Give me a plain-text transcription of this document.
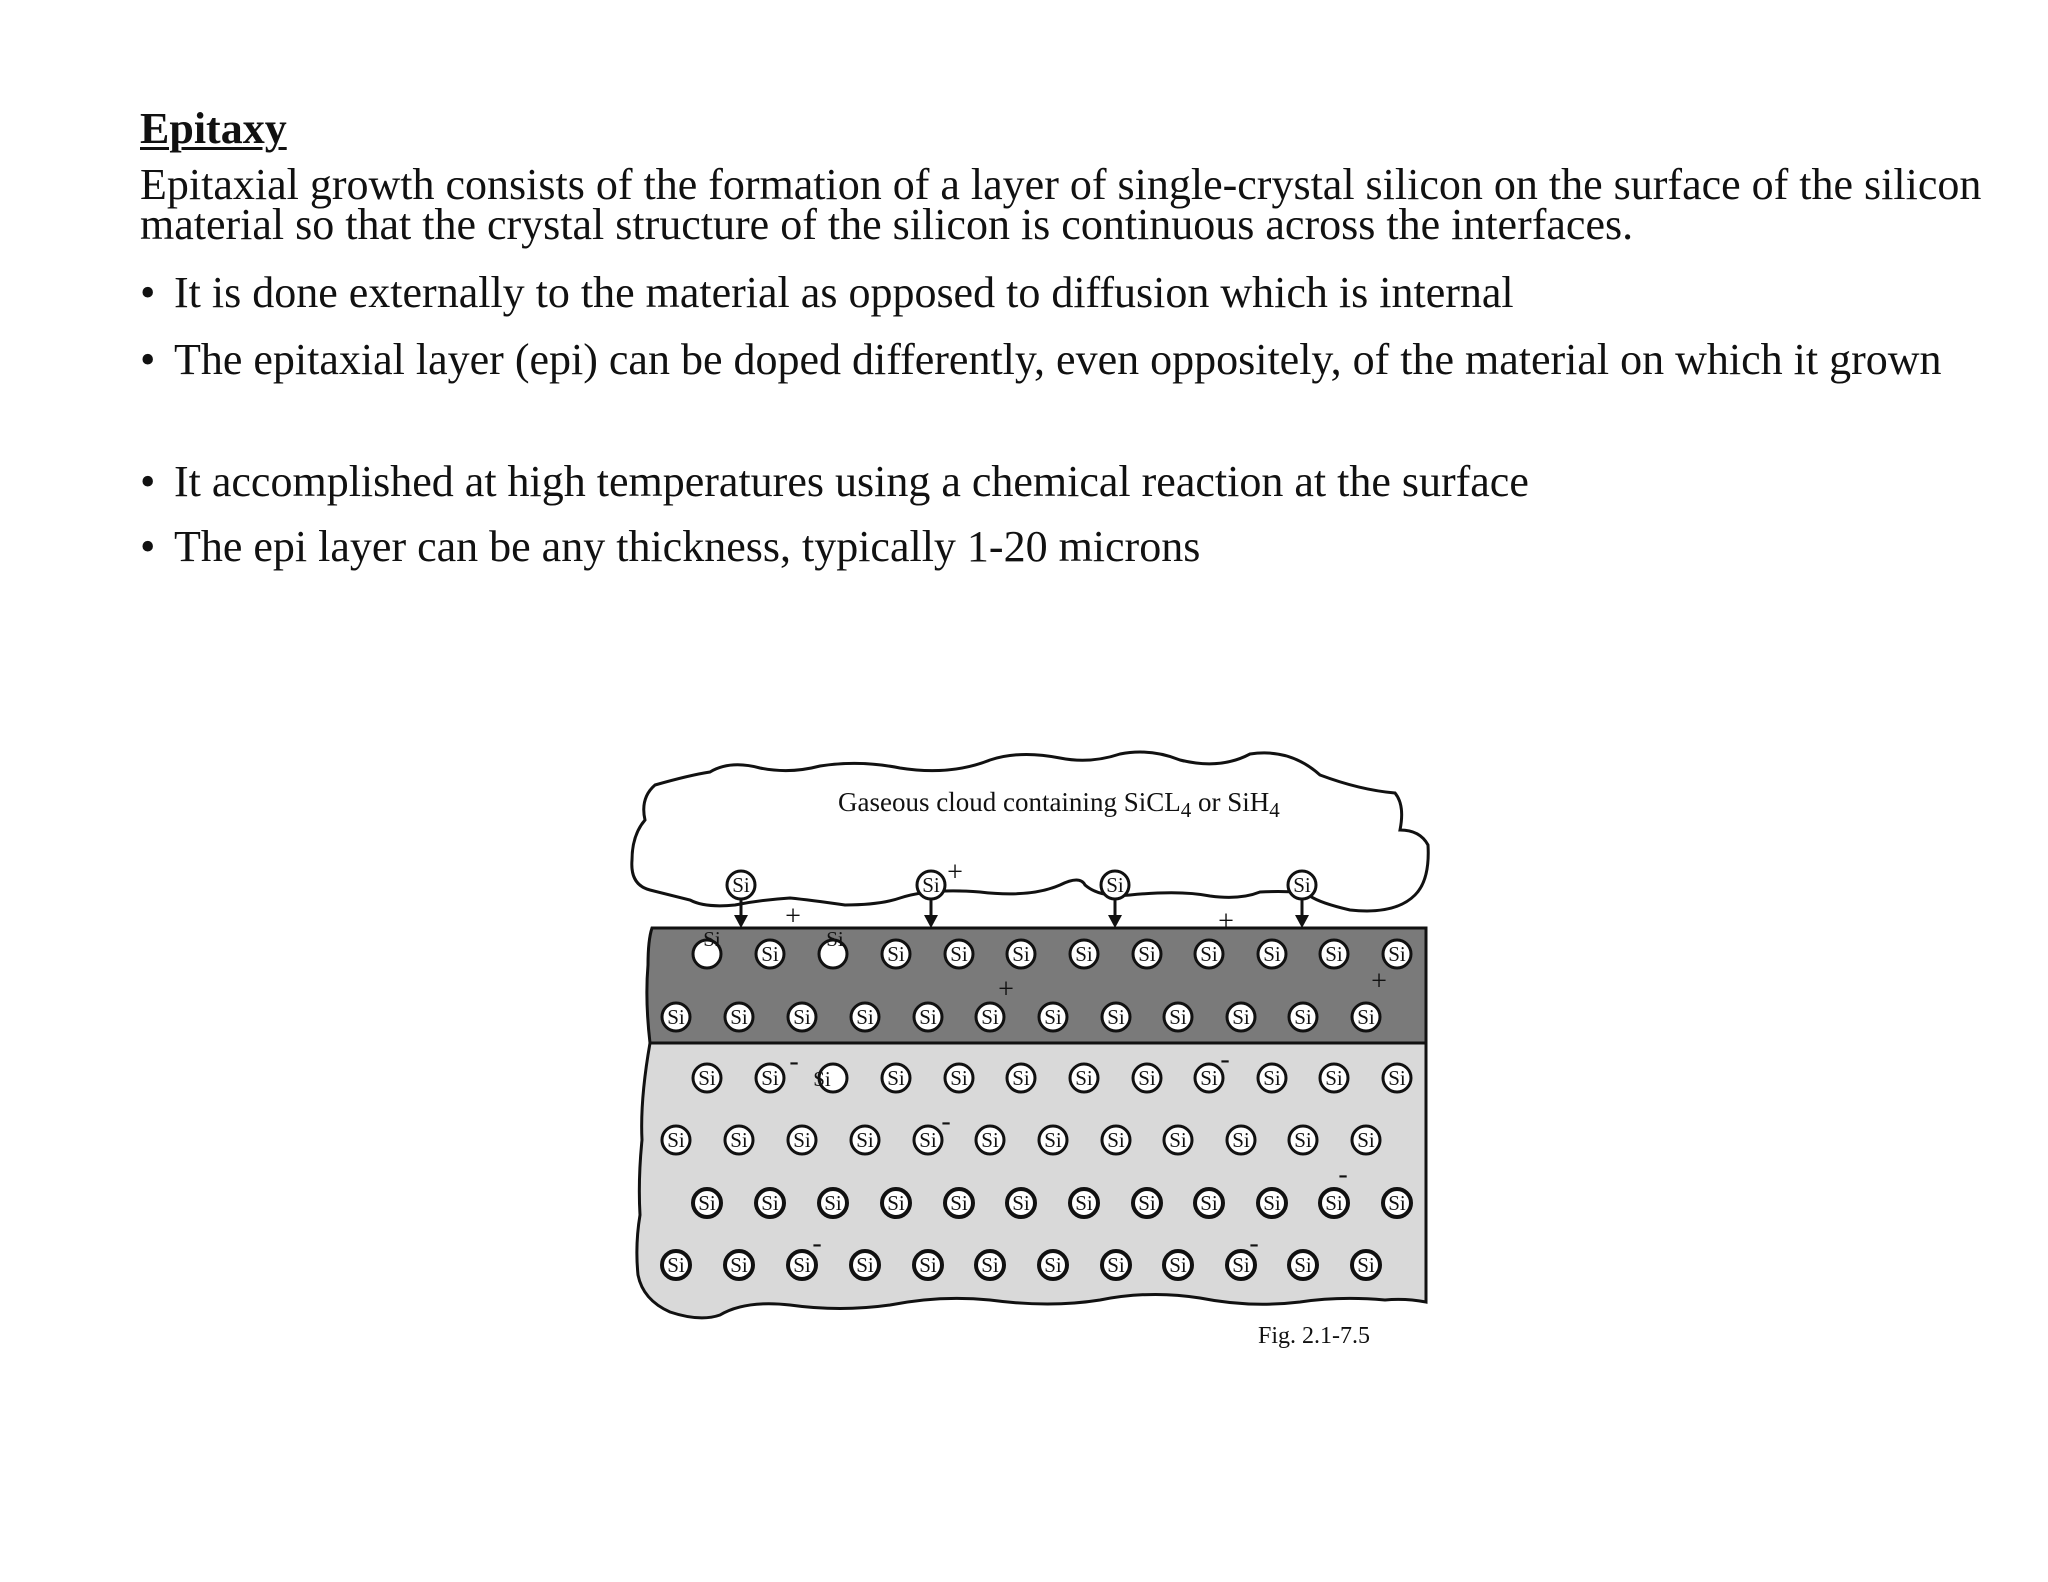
Epitaxy

Epitaxial growth consists of the formation of a layer of single-crystal silicon on the surface of the silicon material so that the crystal structure of the silicon is continuous across the interfaces.

• It is done externally to the material as opposed to diffusion which is internal

• The epitaxial layer (epi) can be doped differently, even oppositely, of the material on which it grown

• It accomplished at high temperatures using a chemical reaction at the surface

• The epi layer can be any thickness, typically 1-20 microns

Gaseous cloud containing SiCL$_4$ or SiH$_4$
Si	Si Si Si Si Si Si Si Si Si
Si Si Si Si Si Si Si Si Si Si Si Si
Si Si	Si Si Si Si Si Si Si Si Si
Si Si Si Si Si Si Si Si Si Si Si Si
Si Si Si Si Si Si Si Si Si Si Si Si
Si Si Si Si Si Si Si Si Si Si Si Si
Si	Si	Si	Si
Si	Si
Si
+
+	+
+	+
-	-
-
-
-	-
Fig. 2.1-7.5
